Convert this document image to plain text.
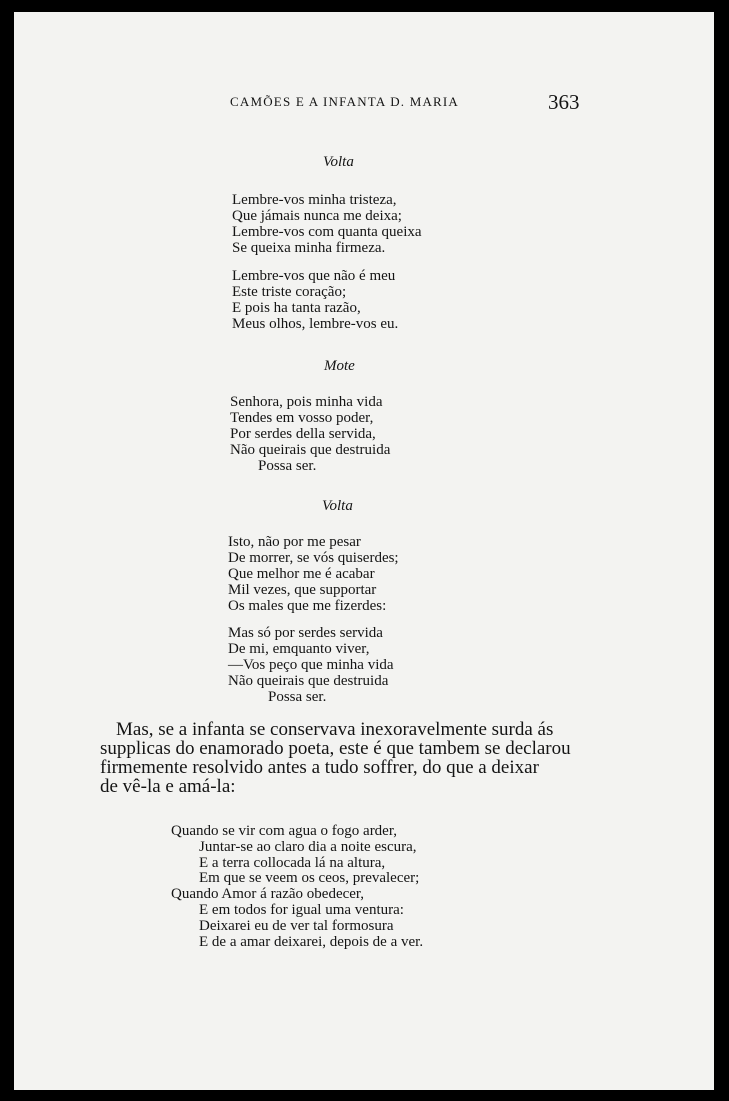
CAMÕES E A INFANTA D. MARIA	363
Volta
Lembre-vos minha tristeza,
Que jámais nunca me deixa;
Lembre-vos com quanta queixa
Se queixa minha firmeza.
Lembre-vos que não é meu
Este triste coração;
E pois ha tanta razão,
Meus olhos, lembre-vos eu.
Mote
Senhora, pois minha vida
Tendes em vosso poder,
Por serdes della servida,
Não queirais que destruida
Possa ser.
Volta
Isto, não por me pesar
De morrer, se vós quiserdes;
Que melhor me é acabar
Mil vezes, que supportar
Os males que me fizerdes:
Mas só por serdes servida
De mi, emquanto viver,
—Vos peço que minha vida
Não queirais que destruida
Possa ser.
Mas, se a infanta se conservava inexoravelmente surda ás
supplicas do enamorado poeta, este é que tambem se declarou
firmemente resolvido antes a tudo soffrer, do que a deixar
de vê-la e amá-la:
Quando se vir com agua o fogo arder,
Juntar-se ao claro dia a noite escura,
E a terra collocada lá na altura,
Em que se veem os ceos, prevalecer;
Quando Amor á razão obedecer,
E em todos for igual uma ventura:
Deixarei eu de ver tal formosura
E de a amar deixarei, depois de a ver.
